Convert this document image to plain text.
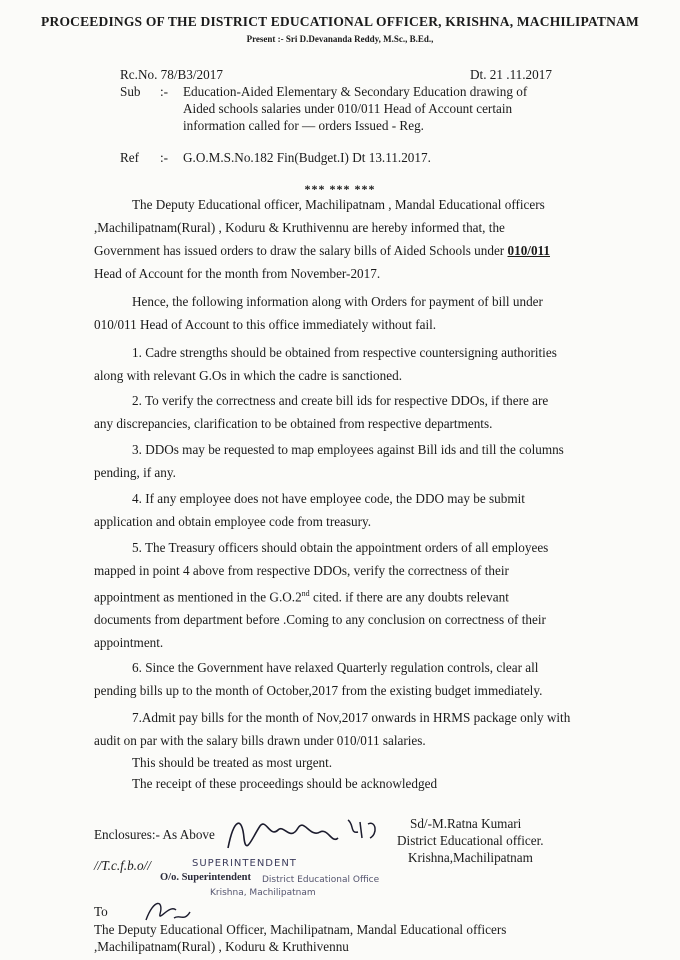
PROCEEDINGS OF THE DISTRICT EDUCATIONAL OFFICER, KRISHNA, MACHILIPATNAM
Present :- Sri D.Devananda Reddy, M.Sc., B.Ed.,
Rc.No. 78/B3/2017	Dt. 21 .11.2017
Sub :- Education-Aided Elementary & Secondary Education drawing of
Aided schools salaries under 010/011 Head of Account certain
information called for — orders Issued - Reg.
Ref :- G.O.M.S.No.182 Fin(Budget.I) Dt 13.11.2017.
*** *** ***
The Deputy Educational officer, Machilipatnam , Mandal Educational officers
,Machilipatnam(Rural) , Koduru & Kruthivennu are hereby informed that, the
Government has issued orders to draw the salary bills of Aided Schools under 010/011
Head of Account for the month from November-2017.
Hence, the following information along with Orders for payment of bill under
010/011 Head of Account to this office immediately without fail.
1. Cadre strengths should be obtained from respective countersigning authorities
along with relevant G.Os in which the cadre is sanctioned.
2. To verify the correctness and create bill ids for respective DDOs, if there are
any discrepancies, clarification to be obtained from respective departments.
3. DDOs may be requested to map employees against Bill ids and till the columns
pending, if any.
4. If any employee does not have employee code, the DDO may be submit
application and obtain employee code from treasury.
5. The Treasury officers should obtain the appointment orders of all employees
mapped in point 4 above from respective DDOs, verify the correctness of their
appointment as mentioned in the G.O.2nd cited. if there are any doubts relevant
documents from department before .Coming to any conclusion on correctness of their
appointment.
6. Since the Government have relaxed Quarterly regulation controls, clear all
pending bills up to the month of October,2017 from the existing budget immediately.
7.Admit pay bills for the month of Nov,2017 onwards in HRMS package only with
audit on par with the salary bills drawn under 010/011 salaries.
This should be treated as most urgent.
The receipt of these proceedings should be acknowledged
Sd/-M.Ratna Kumari
District Educational officer.
Krishna,Machilipatnam
Enclosures:- As Above
//T.c.f.b.o//	SUPERINTENDENT
O/o. Superintendent District Educational Office
Krishna, Machilipatnam
To
The Deputy Educational Officer, Machilipatnam, Mandal Educational officers
,Machilipatnam(Rural) , Koduru & Kruthivennu
